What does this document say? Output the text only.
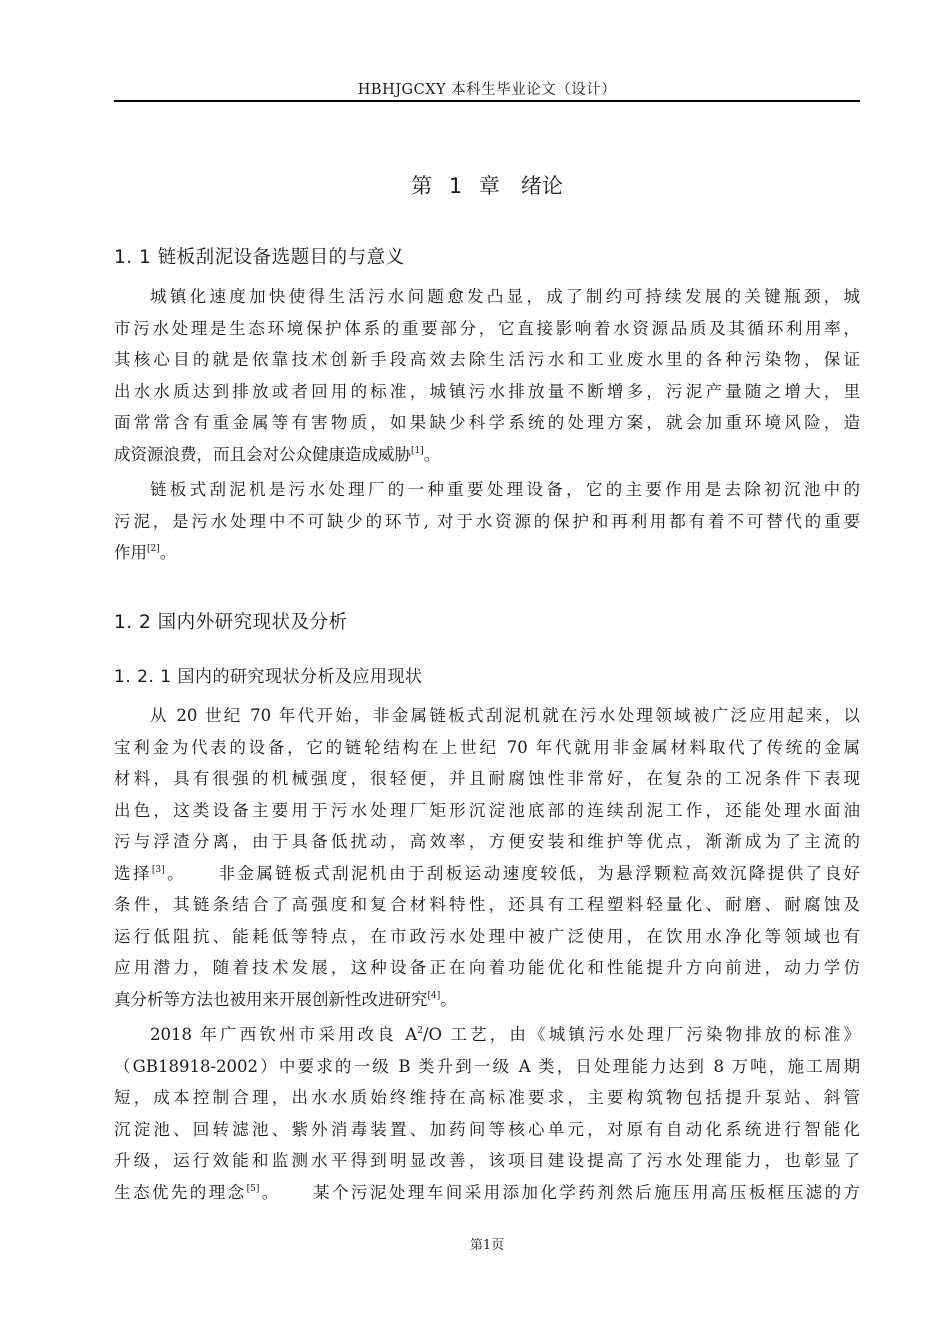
HBHJGCXY 本科生毕业论文（设计）
第 1 章　绪论
1. 1 链板刮泥设备选题目的与意义
城镇化速度加快使得生活污水问题愈发凸显，成了制约可持续发展的关键瓶颈，城
市污水处理是生态环境保护体系的重要部分，它直接影响着水资源品质及其循环利用率，
其核心目的就是依靠技术创新手段高效去除生活污水和工业废水里的各种污染物，保证
出水水质达到排放或者回用的标准，城镇污水排放量不断增多，污泥产量随之增大，里
面常常含有重金属等有害物质，如果缺少科学系统的处理方案，就会加重环境风险，造
成资源浪费，而且会对公众健康造成威胁[1]。
链板式刮泥机是污水处理厂的一种重要处理设备，它的主要作用是去除初沉池中的
污泥，是污水处理中不可缺少的环节, 对于水资源的保护和再利用都有着不可替代的重要
作用[2]。
1. 2 国内外研究现状及分析
1. 2. 1 国内的研究现状分析及应用现状
从 20 世纪 70 年代开始，非金属链板式刮泥机就在污水处理领域被广泛应用起来，以
宝利金为代表的设备，它的链轮结构在上世纪 70 年代就用非金属材料取代了传统的金属
材料，具有很强的机械强度，很轻便，并且耐腐蚀性非常好，在复杂的工况条件下表现
出色，这类设备主要用于污水处理厂矩形沉淀池底部的连续刮泥工作，还能处理水面油
污与浮渣分离，由于具备低扰动，高效率，方便安装和维护等优点，渐渐成为了主流的
选择[3]。 非金属链板式刮泥机由于刮板运动速度较低，为悬浮颗粒高效沉降提供了良好
条件，其链条结合了高强度和复合材料特性，还具有工程塑料轻量化、耐磨、耐腐蚀及
运行低阻抗、能耗低等特点，在市政污水处理中被广泛使用，在饮用水净化等领域也有
应用潜力，随着技术发展，这种设备正在向着功能优化和性能提升方向前进，动力学仿
真分析等方法也被用来开展创新性改进研究[4]。
2018 年广西钦州市采用改良 $A^2/O$ 工艺，由《城镇污水处理厂污染物排放的标准》
（GB18918-2002）中要求的一级 B 类升到一级 A 类，日处理能力达到 8 万吨，施工周期
短，成本控制合理，出水水质始终维持在高标准要求，主要构筑物包括提升泵站、斜管
沉淀池、回转滤池、紫外消毒装置、加药间等核心单元，对原有自动化系统进行智能化
升级，运行效能和监测水平得到明显改善，该项目建设提高了污水处理能力，也彰显了
生态优先的理念[5]。 某个污泥处理车间采用添加化学药剂然后施压用高压板框压滤的方
第1页
